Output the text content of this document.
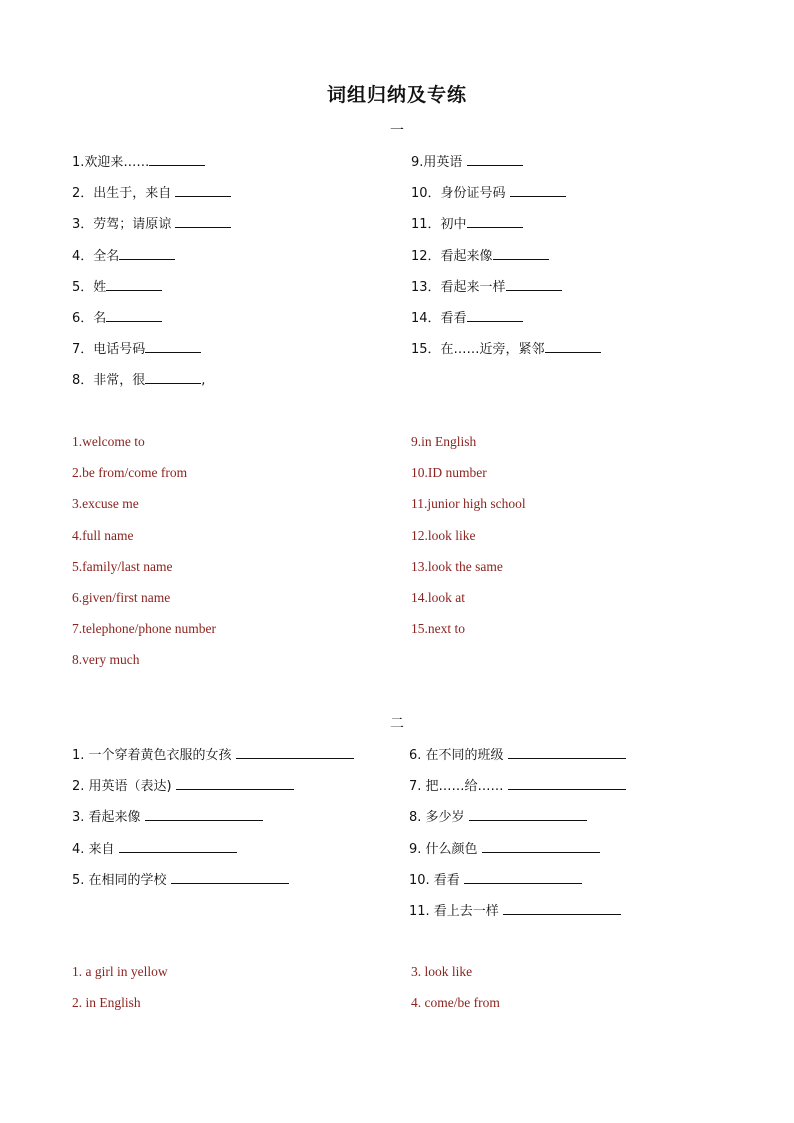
词组归纳及专练
一
1.欢迎来……
2．出生于，来自
3．劳驾；请原谅
4．全名
5．姓
6．名
7．电话号码
8．非常，很	,
9.用英语
10．身份证号码
11．初中
12．看起来像
13．看起来一样
14．看看
15．在……近旁，紧邻
1.welcome to
2.be from/come from
3.excuse me
4.full name
5.family/last name
6.given/first name
7.telephone/phone number
8.very much
9.in English
10.ID number
11.junior high school
12.look like
13.look the same
14.look at
15.next to
二
1. 一个穿着黄色衣服的女孩
2. 用英语（表达)
3. 看起来像
4. 来自
5. 在相同的学校
6. 在不同的班级
7. 把……给……
8. 多少岁
9. 什么颜色
10. 看看
11. 看上去一样
1. a girl in yellow
2. in English
3. look like
4. come/be from
